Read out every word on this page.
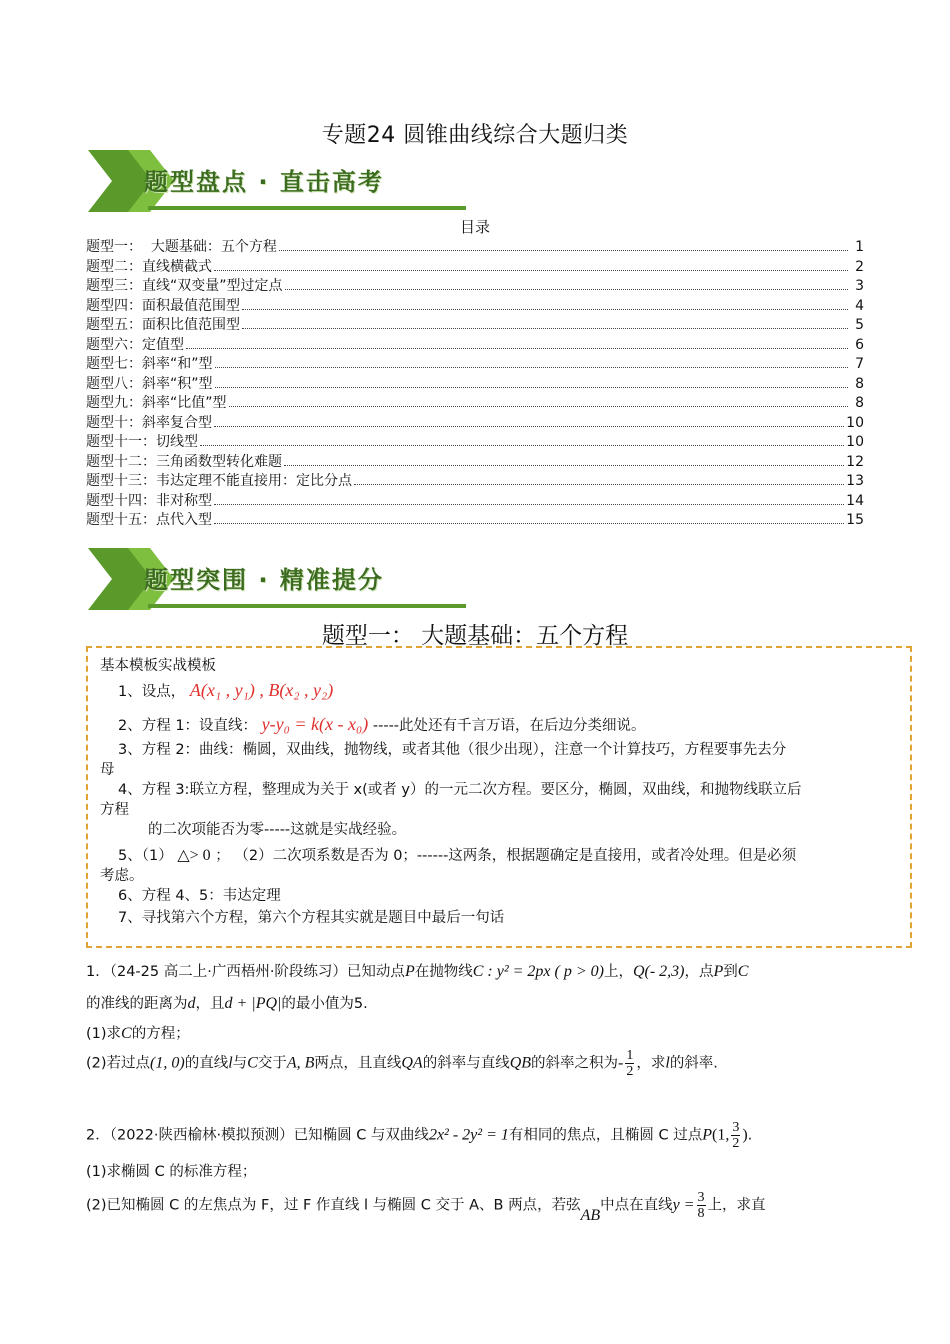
专题24 圆锥曲线综合大题归类
题型盘点 · 直击高考
目录
题型一：  大题基础：五个方程	1
题型二：直线横截式	2
题型三：直线“双变量”型过定点	3
题型四：面积最值范围型	4
题型五：面积比值范围型	5
题型六：定值型	6
题型七：斜率“和”型	7
题型八：斜率“积”型	8
题型九：斜率“比值”型	8
题型十：斜率复合型	10
题型十一：切线型	10
题型十二：三角函数型转化难题	12
题型十三：韦达定理不能直接用：定比分点	13
题型十四：非对称型	14
题型十五：点代入型	15
题型突围 · 精准提分
题型一： 大题基础：五个方程
基本模板实战模板
1、设点， A(x₁ , y₁) , B(x₂ , y₂)
2、方程 1：设直线： y-y₀ = k(x - x₀) -----此处还有千言万语，在后边分类细说。
3、方程 2：曲线：椭圆，双曲线，抛物线，或者其他（很少出现），注意一个计算技巧，方程要事先去分
母
4、方程 3:联立方程，整理成为关于 x(或者 y）的一元二次方程。要区分，椭圆，双曲线，和抛物线联立后
方程
的二次项能否为零-----这就是实战经验。
5、（1） △> 0 ； （2）二次项系数是否为 0；------这两条，根据题确定是直接用，或者冷处理。但是必须
考虑。
6、方程 4、5：韦达定理
7、寻找第六个方程，第六个方程其实就是题目中最后一句话
1．（24-25 高二上·广西梧州·阶段练习）已知动点P在抛物线C : y² = 2px ( p > 0)上，Q(- 2,3)，点P到C
的准线的距离为d，且d + |PQ|的最小值为5.
(1)求C的方程；
(2)若过点(1, 0)的直线l与C交于A, B两点，且直线QA的斜率与直线QB的斜率之积为- $\frac{1}{2}$ ，求l的斜率.
2．（2022·陕西榆林·模拟预测）已知椭圆 C 与双曲线2x² - 2y² = 1有相同的焦点，且椭圆 C 过点P(1, $\frac{3}{2}$ ).
(1)求椭圆 C 的标准方程；
(2)已知椭圆 C 的左焦点为 F，过 F 作直线 l 与椭圆 C 交于 A、B 两点，若弦AB中点在直线$y = \frac{3}{8}$ 上，求直
